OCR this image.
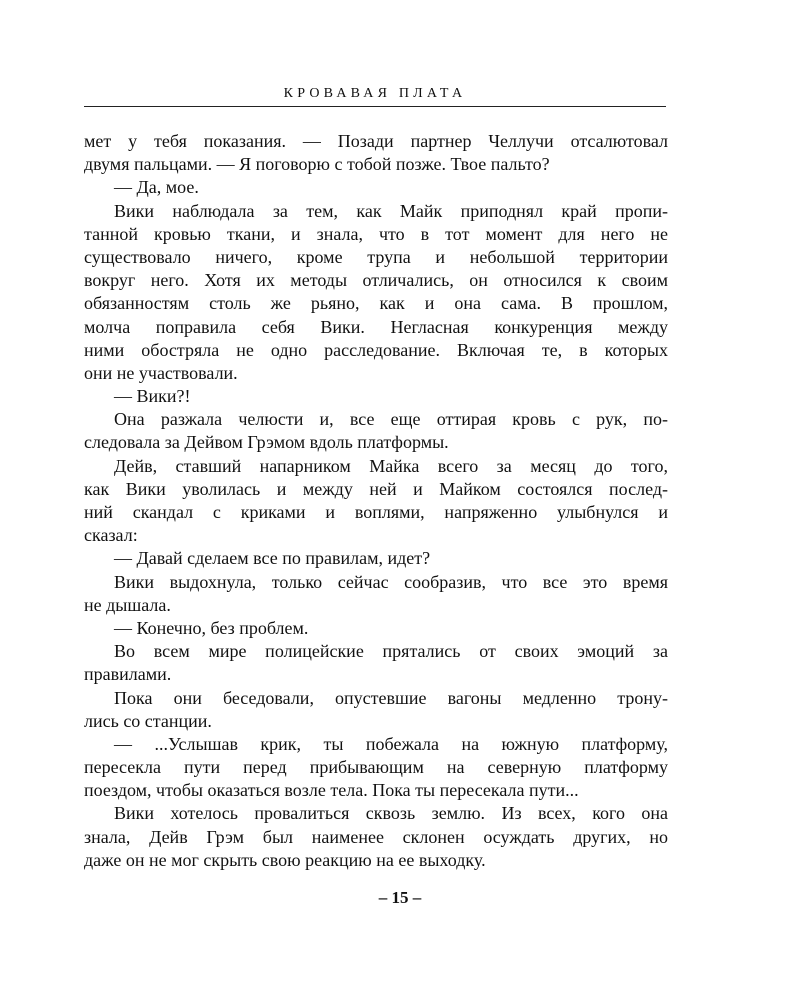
КРОВАВАЯ ПЛАТА
мет у тебя показания. — Позади партнер Челлучи отсалютовал
двумя пальцами. — Я поговорю с тобой позже. Твое пальто?
— Да, мое.
Вики наблюдала за тем, как Майк приподнял край пропи-
танной кровью ткани, и знала, что в тот момент для него не
существовало ничего, кроме трупа и небольшой территории
вокруг него. Хотя их методы отличались, он относился к своим
обязанностям столь же рьяно, как и она сама. В прошлом,
молча поправила себя Вики. Негласная конкуренция между
ними обостряла не одно расследование. Включая те, в которых
они не участвовали.
— Вики?!
Она разжала челюсти и, все еще оттирая кровь с рук, по-
следовала за Дейвом Грэмом вдоль платформы.
Дейв, ставший напарником Майка всего за месяц до того,
как Вики уволилась и между ней и Майком состоялся послед-
ний скандал с криками и воплями, напряженно улыбнулся и
сказал:
— Давай сделаем все по правилам, идет?
Вики выдохнула, только сейчас сообразив, что все это время
не дышала.
— Конечно, без проблем.
Во всем мире полицейские прятались от своих эмоций за
правилами.
Пока они беседовали, опустевшие вагоны медленно трону-
лись со станции.
— ...Услышав крик, ты побежала на южную платформу,
пересекла пути перед прибывающим на северную платформу
поездом, чтобы оказаться возле тела. Пока ты пересекала пути...
Вики хотелось провалиться сквозь землю. Из всех, кого она
знала, Дейв Грэм был наименее склонен осуждать других, но
даже он не мог скрыть свою реакцию на ее выходку.
– 15 –
